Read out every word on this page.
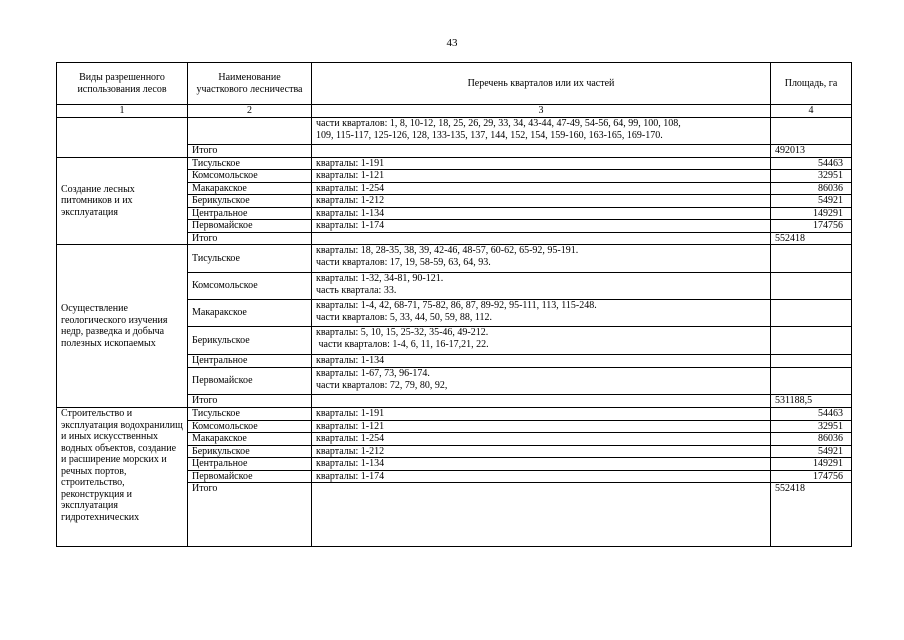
43
Виды разрешенного использования лесов	Наименование участкового лесничества	Перечень кварталов или их частей	Площадь, га
1	2	3	4

		части кварталов: 1, 8, 10-12, 18, 25, 26, 29, 33, 34, 43-44, 47-49, 54-56, 64, 99, 100, 108,
109, 115-117, 125-126, 128, 133-135, 137, 144, 152, 154, 159-160, 163-165, 169-170.	

	Итого		492013
Создание лесных питомников и их эксплуатация	Тисульское	кварталы: 1-191	54463
	Комсомольское	кварталы: 1-121	32951
	Макаракское	кварталы: 1-254	86036
	Берикульское	кварталы: 1-212	54921
	Центральное	кварталы: 1-134	149291
	Первомайское	кварталы: 1-174	174756
	Итого		552418
Осуществление геологического изучения недр, разведка и добыча полезных ископаемых	Тисульское	кварталы: 18, 28-35, 38, 39, 42-46, 48-57, 60-62, 65-92, 95-191.
части кварталов: 17, 19, 58-59, 63, 64, 93.	

	Комсомольское	кварталы: 1-32, 34-81, 90-121.
часть квартала: 33.	

	Макаракское	кварталы: 1-4, 42, 68-71, 75-82, 86, 87, 89-92, 95-111, 113, 115-248.
части кварталов: 5, 33, 44, 50, 59, 88, 112.	

	Берикульское	кварталы: 5, 10, 15, 25-32, 35-46, 49-212.
части кварталов: 1-4, 6, 11, 16-17,21, 22.	

	Центральное	кварталы: 1-134	
	Первомайское	кварталы: 1-67, 73, 96-174.
части кварталов: 72, 79, 80, 92,	

	Итого		531188,5
Строительство и эксплуатация водохранилищ и иных искусственных водных объектов, создание и расширение морских и речных портов, строительство, реконструкция и эксплуатация гидротехнических	Тисульское	кварталы: 1-191	54463
	Комсомольское	кварталы: 1-121	32951
	Макаракское	кварталы: 1-254	86036
	Берикульское	кварталы: 1-212	54921
	Центральное	кварталы: 1-134	149291
	Первомайское	кварталы: 1-174	174756
	Итого		552418
